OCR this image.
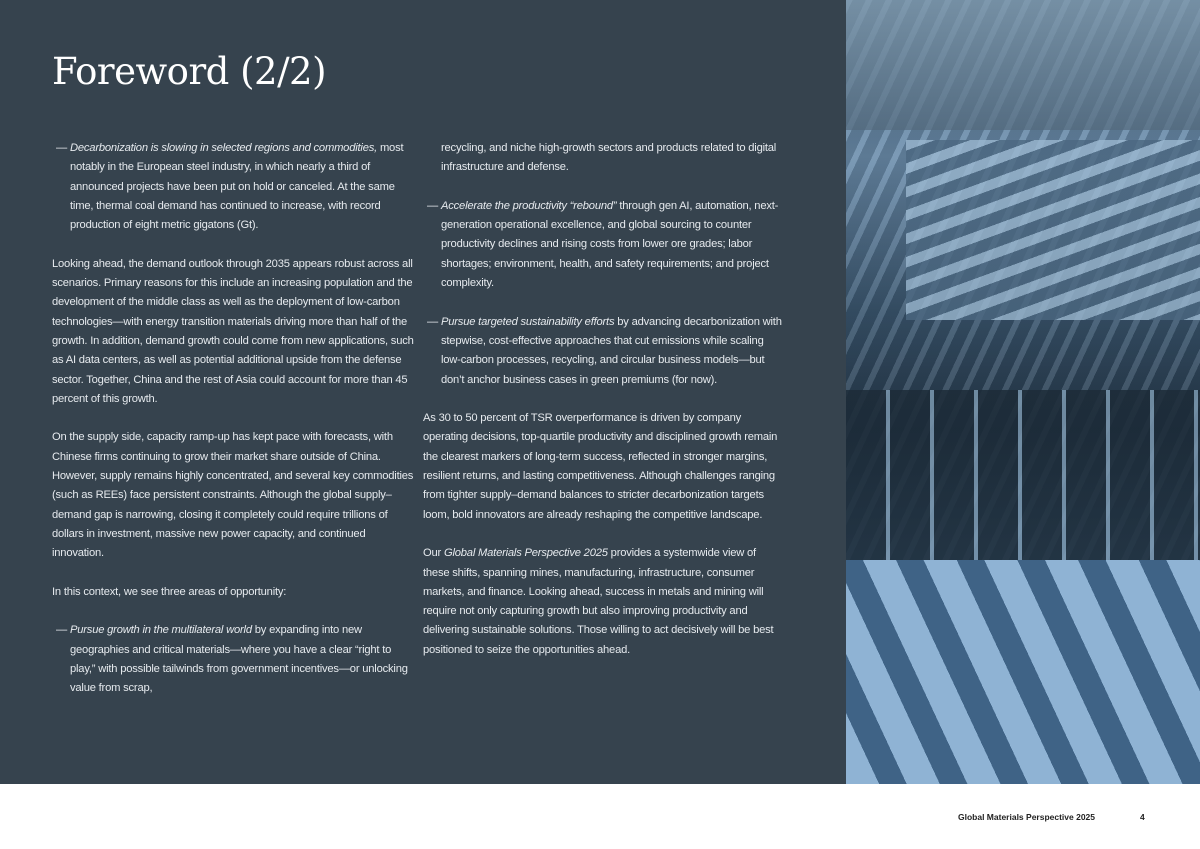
Foreword (2/2)
— Decarbonization is slowing in selected regions and commodities, most notably in the European steel industry, in which nearly a third of announced projects have been put on hold or canceled. At the same time, thermal coal demand has continued to increase, with record production of eight metric gigatons (Gt).

Looking ahead, the demand outlook through 2035 appears robust across all scenarios. Primary reasons for this include an increasing population and the development of the middle class as well as the deployment of low-carbon technologies—with energy transition materials driving more than half of the growth. In addition, demand growth could come from new applications, such as AI data centers, as well as potential additional upside from the defense sector. Together, China and the rest of Asia could account for more than 45 percent of this growth.

On the supply side, capacity ramp-up has kept pace with forecasts, with Chinese firms continuing to grow their market share outside of China. However, supply remains highly concentrated, and several key commodities (such as REEs) face persistent constraints. Although the global supply–demand gap is narrowing, closing it completely could require trillions of dollars in investment, massive new power capacity, and continued innovation.

In this context, we see three areas of opportunity:

— Pursue growth in the multilateral world by expanding into new geographies and critical materials—where you have a clear “right to play,” with possible tailwinds from government incentives—or unlocking value from scrap,
recycling, and niche high-growth sectors and products related to digital infrastructure and defense.
— Accelerate the productivity “rebound” through gen AI, automation, next-generation operational excellence, and global sourcing to counter productivity declines and rising costs from lower ore grades; labor shortages; environment, health, and safety requirements; and project complexity.
— Pursue targeted sustainability efforts by advancing decarbonization with stepwise, cost-effective approaches that cut emissions while scaling low-carbon processes, recycling, and circular business models—but don’t anchor business cases in green premiums (for now).

As 30 to 50 percent of TSR overperformance is driven by company operating decisions, top-quartile productivity and disciplined growth remain the clearest markers of long-term success, reflected in stronger margins, resilient returns, and lasting competitiveness. Although challenges ranging from tighter supply–demand balances to stricter decarbonization targets loom, bold innovators are already reshaping the competitive landscape.

Our Global Materials Perspective 2025 provides a systemwide view of these shifts, spanning mines, manufacturing, infrastructure, consumer markets, and finance. Looking ahead, success in metals and mining will require not only capturing growth but also improving productivity and delivering sustainable solutions. Those willing to act decisively will be best positioned to seize the opportunities ahead.

Global Materials Perspective 2025	4
